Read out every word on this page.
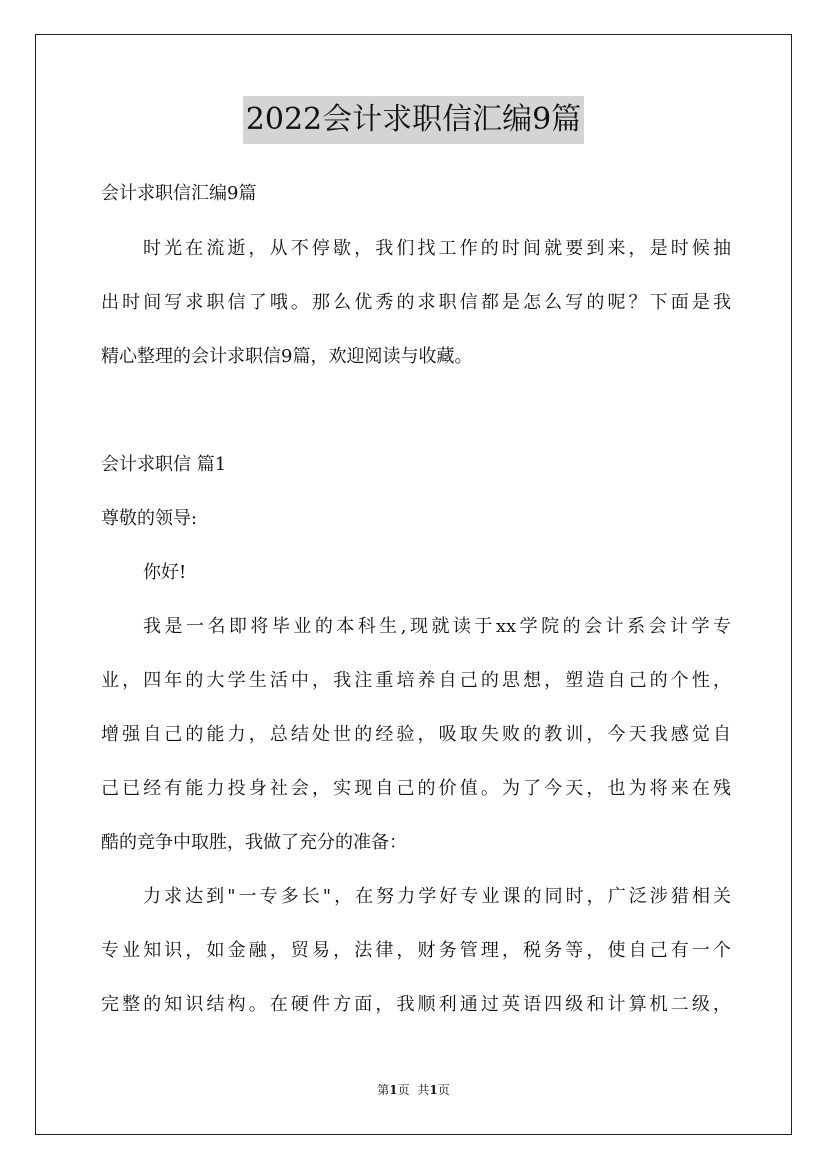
2022会计求职信汇编9篇
会计求职信汇编9篇
时光在流逝，从不停歇，我们找工作的时间就要到来，是时候抽
出时间写求职信了哦。那么优秀的求职信都是怎么写的呢？下面是我
精心整理的会计求职信9篇，欢迎阅读与收藏。
会计求职信 篇1
尊敬的领导:
你好!
我是一名即将毕业的本科生,现就读于xx学院的会计系会计学专
业，四年的大学生活中，我注重培养自己的思想，塑造自己的个性，
增强自己的能力，总结处世的经验，吸取失败的教训，今天我感觉自
己已经有能力投身社会，实现自己的价值。为了今天，也为将来在残
酷的竞争中取胜，我做了充分的准备：
力求达到"一专多长"，在努力学好专业课的同时，广泛涉猎相关
专业知识，如金融，贸易，法律，财务管理，税务等，使自己有一个
完整的知识结构。在硬件方面，我顺利通过英语四级和计算机二级，
第1页 共1页
